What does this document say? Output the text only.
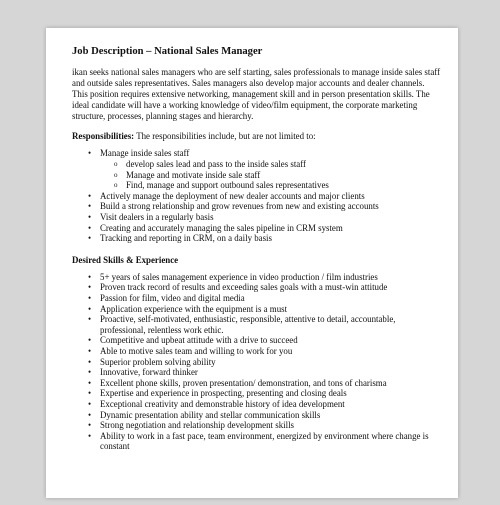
Job Description – National Sales Manager

ikan seeks national sales managers who are self starting, sales professionals to manage inside sales staff and outside sales representatives. Sales managers also develop major accounts and dealer channels. This position requires extensive networking, management skill and in person presentation skills. The ideal candidate will have a working knowledge of video/film equipment, the corporate marketing structure, processes, planning stages and hierarchy.

Responsibilities: The responsibilities include, but are not limited to:
• Manage inside sales staff
o develop sales lead and pass to the inside sales staff
o Manage and motivate inside sale staff
o Find, manage and support outbound sales representatives
• Actively manage the deployment of new dealer accounts and major clients
• Build a strong relationship and grow revenues from new and existing accounts
• Visit dealers in a regularly basis
• Creating and accurately managing the sales pipeline in CRM system
• Tracking and reporting in CRM, on a daily basis
Desired Skills & Experience
• 5+ years of sales management experience in video production / film industries
• Proven track record of results and exceeding sales goals with a must-win attitude
• Passion for film, video and digital media
• Application experience with the equipment is a must
• Proactive, self-motivated, enthusiastic, responsible, attentive to detail, accountable, professional, relentless work ethic.
• Competitive and upbeat attitude with a drive to succeed
• Able to motive sales team and willing to work for you
• Superior problem solving ability
• Innovative, forward thinker
• Excellent phone skills, proven presentation/ demonstration, and tons of charisma
• Expertise and experience in prospecting, presenting and closing deals
• Exceptional creativity and demonstrable history of idea development
• Dynamic presentation ability and stellar communication skills
• Strong negotiation and relationship development skills
• Ability to work in a fast pace, team environment, energized by environment where change is constant
